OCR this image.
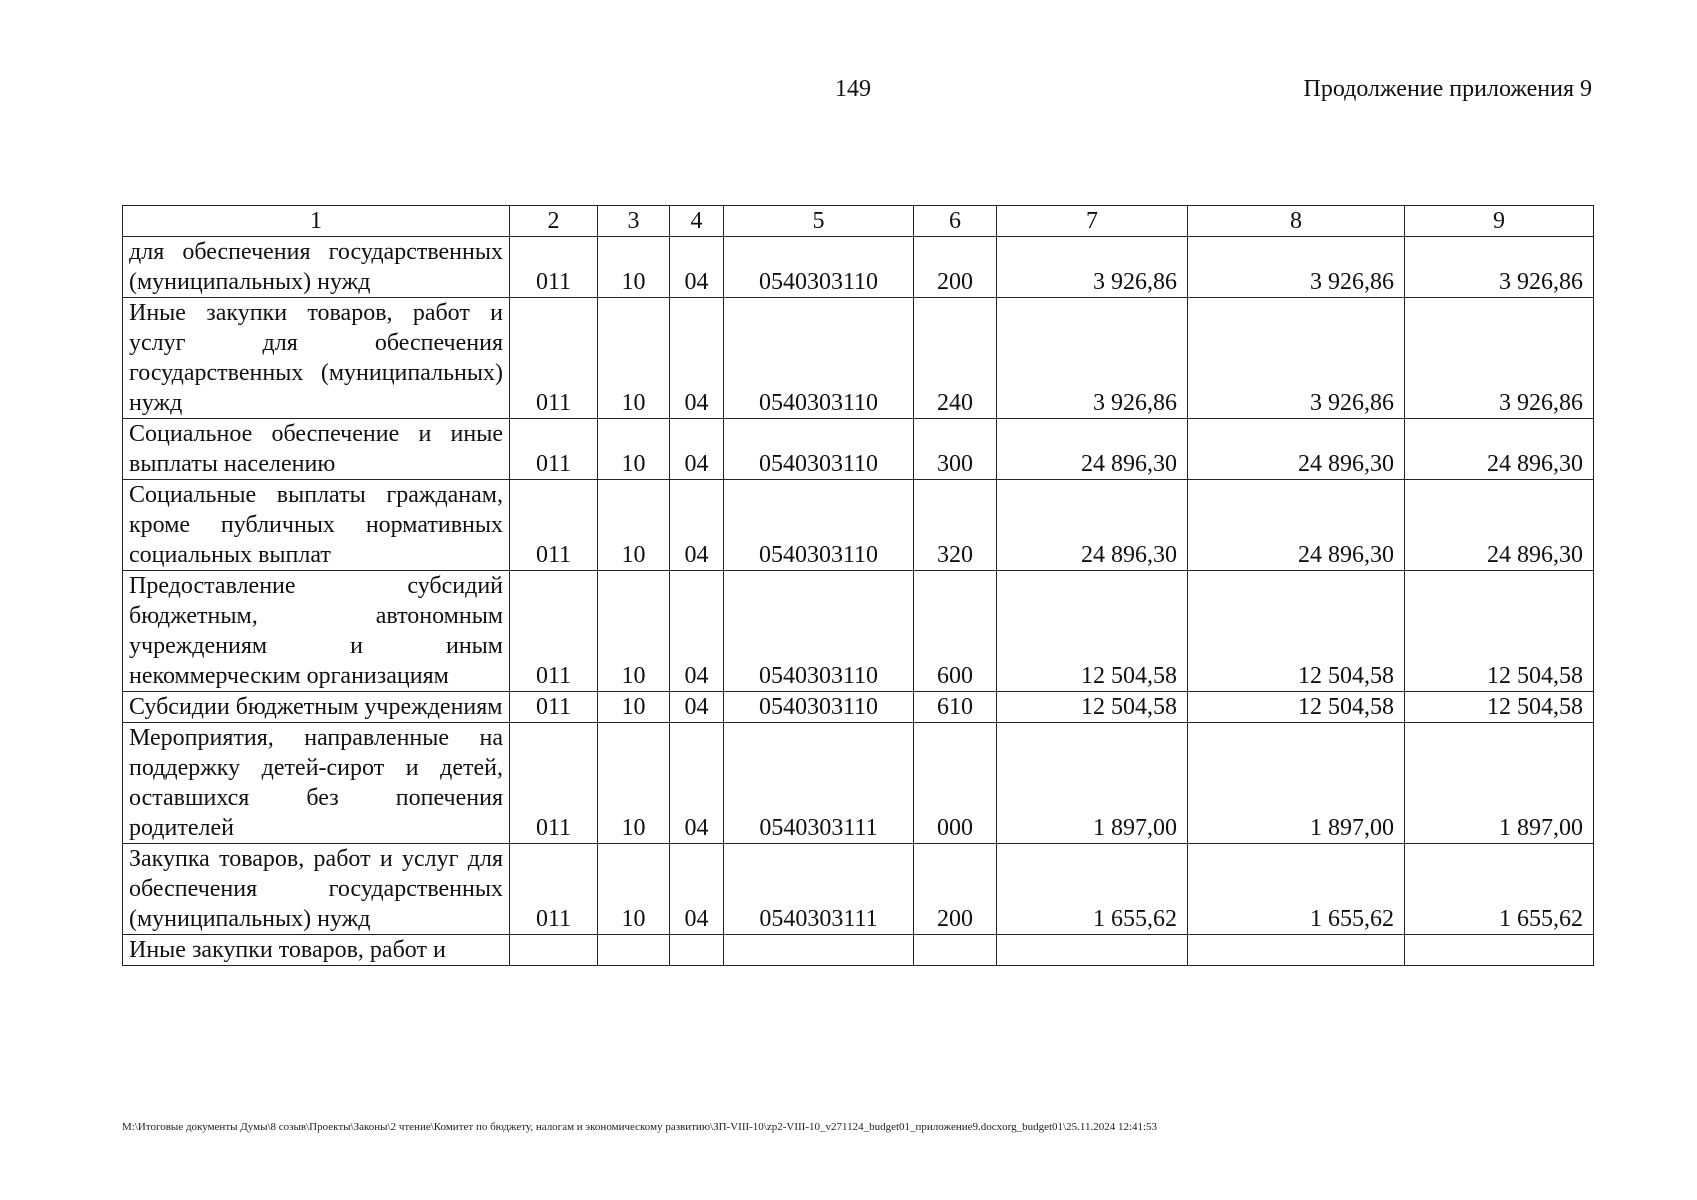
149	Продолжение приложения 9
1	2	3	4	5	6	7	8	9
для обеспечения государственных (муниципальных) нужд	011	10	04	0540303110	200	3 926,86	3 926,86	3 926,86
Иные закупки товаров, работ и услуг для обеспечения государственных (муниципальных) нужд	011	10	04	0540303110	240	3 926,86	3 926,86	3 926,86
Социальное обеспечение и иные выплаты населению	011	10	04	0540303110	300	24 896,30	24 896,30	24 896,30
Социальные выплаты гражданам, кроме публичных нормативных социальных выплат	011	10	04	0540303110	320	24 896,30	24 896,30	24 896,30
Предоставление субсидий бюджетным, автономным учреждениям и иным некоммерческим организациям	011	10	04	0540303110	600	12 504,58	12 504,58	12 504,58
Субсидии бюджетным учреждениям	011	10	04	0540303110	610	12 504,58	12 504,58	12 504,58
Мероприятия, направленные на поддержку детей-сирот и детей, оставшихся без попечения родителей	011	10	04	0540303111	000	1 897,00	1 897,00	1 897,00
Закупка товаров, работ и услуг для обеспечения государственных (муниципальных) нужд	011	10	04	0540303111	200	1 655,62	1 655,62	1 655,62
Иные закупки товаров, работ и								
M:\Итоговые документы Думы\8 созыв\Проекты\Законы\2 чтение\Комитет по бюджету, налогам и экономическому развитию\ЗП-VIII-10\zp2-VIII-10_v271124_budget01_приложение9.docxorg_budget01\25.11.2024 12:41:53
